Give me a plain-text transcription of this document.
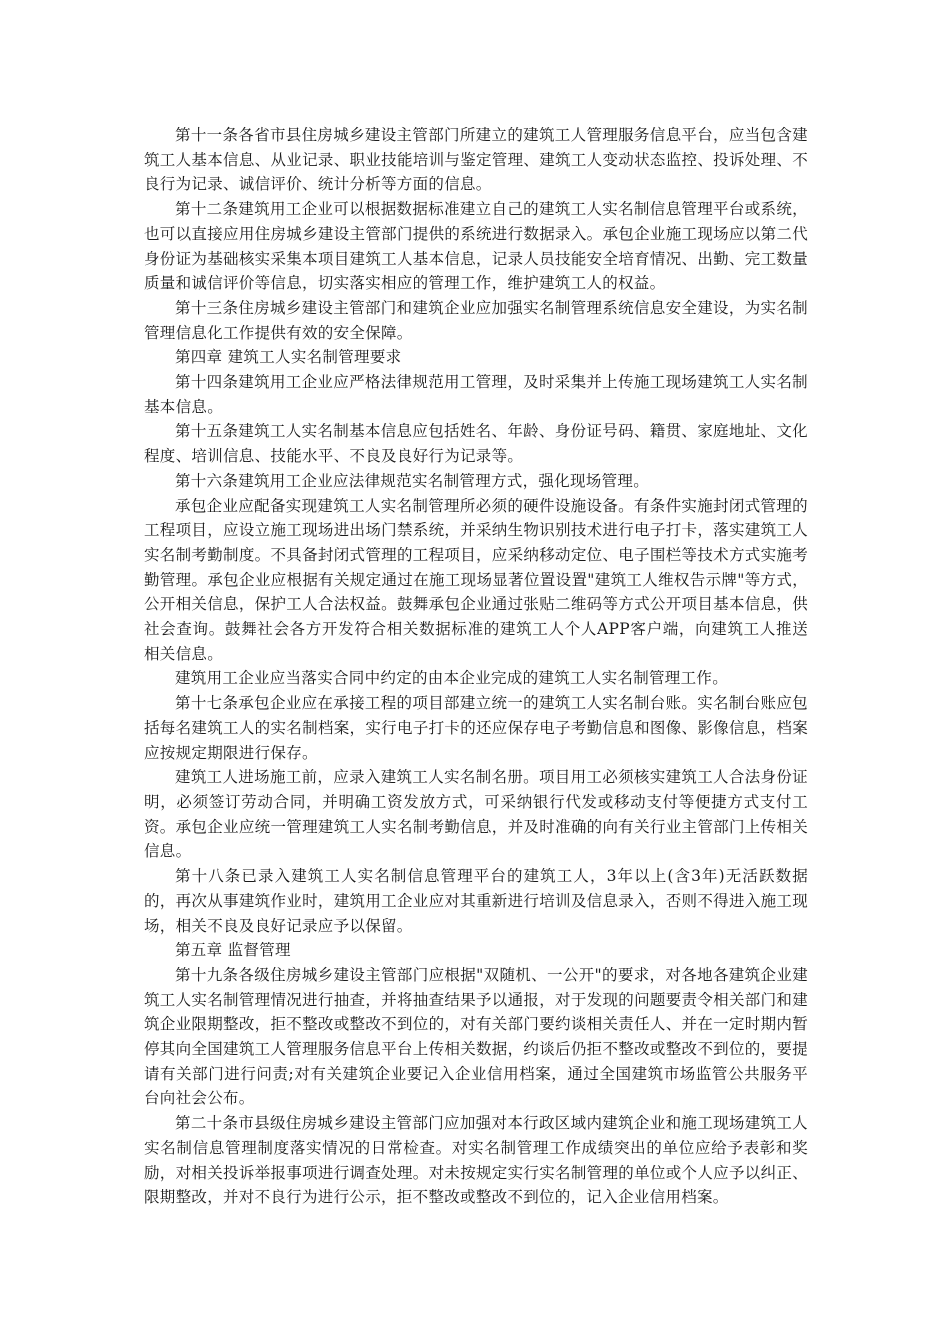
第十一条各省市县住房城乡建设主管部门所建立的建筑工人管理服务信息平台，应当包含建筑工人基本信息、从业记录、职业技能培训与鉴定管理、建筑工人变动状态监控、投诉处理、不良行为记录、诚信评价、统计分析等方面的信息。

第十二条建筑用工企业可以根据数据标准建立自己的建筑工人实名制信息管理平台或系统，也可以直接应用住房城乡建设主管部门提供的系统进行数据录入。承包企业施工现场应以第二代身份证为基础核实采集本项目建筑工人基本信息，记录人员技能安全培育情况、出勤、完工数量质量和诚信评价等信息，切实落实相应的管理工作，维护建筑工人的权益。

第十三条住房城乡建设主管部门和建筑企业应加强实名制管理系统信息安全建设，为实名制管理信息化工作提供有效的安全保障。

第四章 建筑工人实名制管理要求

第十四条建筑用工企业应严格法律规范用工管理，及时采集并上传施工现场建筑工人实名制基本信息。

第十五条建筑工人实名制基本信息应包括姓名、年龄、身份证号码、籍贯、家庭地址、文化程度、培训信息、技能水平、不良及良好行为记录等。

第十六条建筑用工企业应法律规范实名制管理方式，强化现场管理。

承包企业应配备实现建筑工人实名制管理所必须的硬件设施设备。有条件实施封闭式管理的工程项目，应设立施工现场进出场门禁系统，并采纳生物识别技术进行电子打卡，落实建筑工人实名制考勤制度。不具备封闭式管理的工程项目，应采纳移动定位、电子围栏等技术方式实施考勤管理。承包企业应根据有关规定通过在施工现场显著位置设置"建筑工人维权告示牌"等方式，公开相关信息，保护工人合法权益。鼓舞承包企业通过张贴二维码等方式公开项目基本信息，供社会查询。鼓舞社会各方开发符合相关数据标准的建筑工人个人APP客户端，向建筑工人推送相关信息。

建筑用工企业应当落实合同中约定的由本企业完成的建筑工人实名制管理工作。

第十七条承包企业应在承接工程的项目部建立统一的建筑工人实名制台账。实名制台账应包括每名建筑工人的实名制档案，实行电子打卡的还应保存电子考勤信息和图像、影像信息，档案应按规定期限进行保存。

建筑工人进场施工前，应录入建筑工人实名制名册。项目用工必须核实建筑工人合法身份证明，必须签订劳动合同，并明确工资发放方式，可采纳银行代发或移动支付等便捷方式支付工资。承包企业应统一管理建筑工人实名制考勤信息，并及时准确的向有关行业主管部门上传相关信息。

第十八条已录入建筑工人实名制信息管理平台的建筑工人，3年以上(含3年)无活跃数据的，再次从事建筑作业时，建筑用工企业应对其重新进行培训及信息录入，否则不得进入施工现场，相关不良及良好记录应予以保留。

第五章 监督管理

第十九条各级住房城乡建设主管部门应根据"双随机、一公开"的要求，对各地各建筑企业建筑工人实名制管理情况进行抽查，并将抽查结果予以通报，对于发现的问题要责令相关部门和建筑企业限期整改，拒不整改或整改不到位的，对有关部门要约谈相关责任人、并在一定时期内暂停其向全国建筑工人管理服务信息平台上传相关数据，约谈后仍拒不整改或整改不到位的，要提请有关部门进行问责;对有关建筑企业要记入企业信用档案，通过全国建筑市场监管公共服务平台向社会公布。

第二十条市县级住房城乡建设主管部门应加强对本行政区域内建筑企业和施工现场建筑工人实名制信息管理制度落实情况的日常检查。对实名制管理工作成绩突出的单位应给予表彰和奖励，对相关投诉举报事项进行调查处理。对未按规定实行实名制管理的单位或个人应予以纠正、限期整改，并对不良行为进行公示，拒不整改或整改不到位的，记入企业信用档案。
